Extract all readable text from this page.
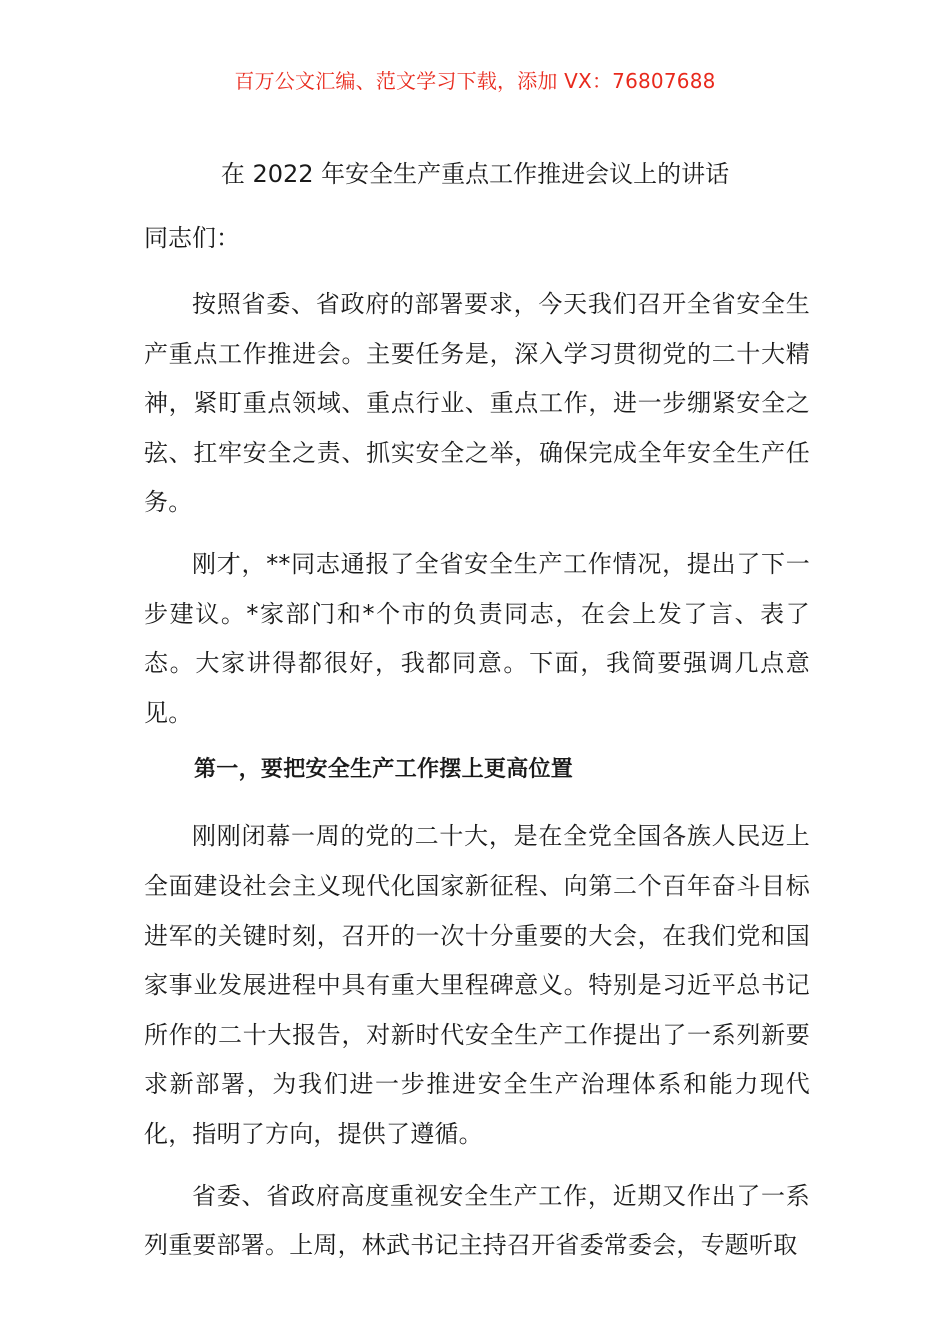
百万公文汇编、范文学习下载，添加 VX：76807688
在 2022 年安全生产重点工作推进会议上的讲话

同志们：

按照省委、省政府的部署要求，今天我们召开全省安全生产重点工作推进会。主要任务是，深入学习贯彻党的二十大精神，紧盯重点领域、重点行业、重点工作，进一步绷紧安全之弦、扛牢安全之责、抓实安全之举，确保完成全年安全生产任务。

刚才，**同志通报了全省安全生产工作情况，提出了下一步建议。*家部门和*个市的负责同志，在会上发了言、表了态。大家讲得都很好，我都同意。下面，我简要强调几点意见。

第一，要把安全生产工作摆上更高位置

刚刚闭幕一周的党的二十大，是在全党全国各族人民迈上全面建设社会主义现代化国家新征程、向第二个百年奋斗目标进军的关键时刻，召开的一次十分重要的大会，在我们党和国家事业发展进程中具有重大里程碑意义。特别是习近平总书记所作的二十大报告，对新时代安全生产工作提出了一系列新要求新部署，为我们进一步推进安全生产治理体系和能力现代化，指明了方向，提供了遵循。

省委、省政府高度重视安全生产工作，近期又作出了一系列重要部署。上周，林武书记主持召开省委常委会，专题听取
